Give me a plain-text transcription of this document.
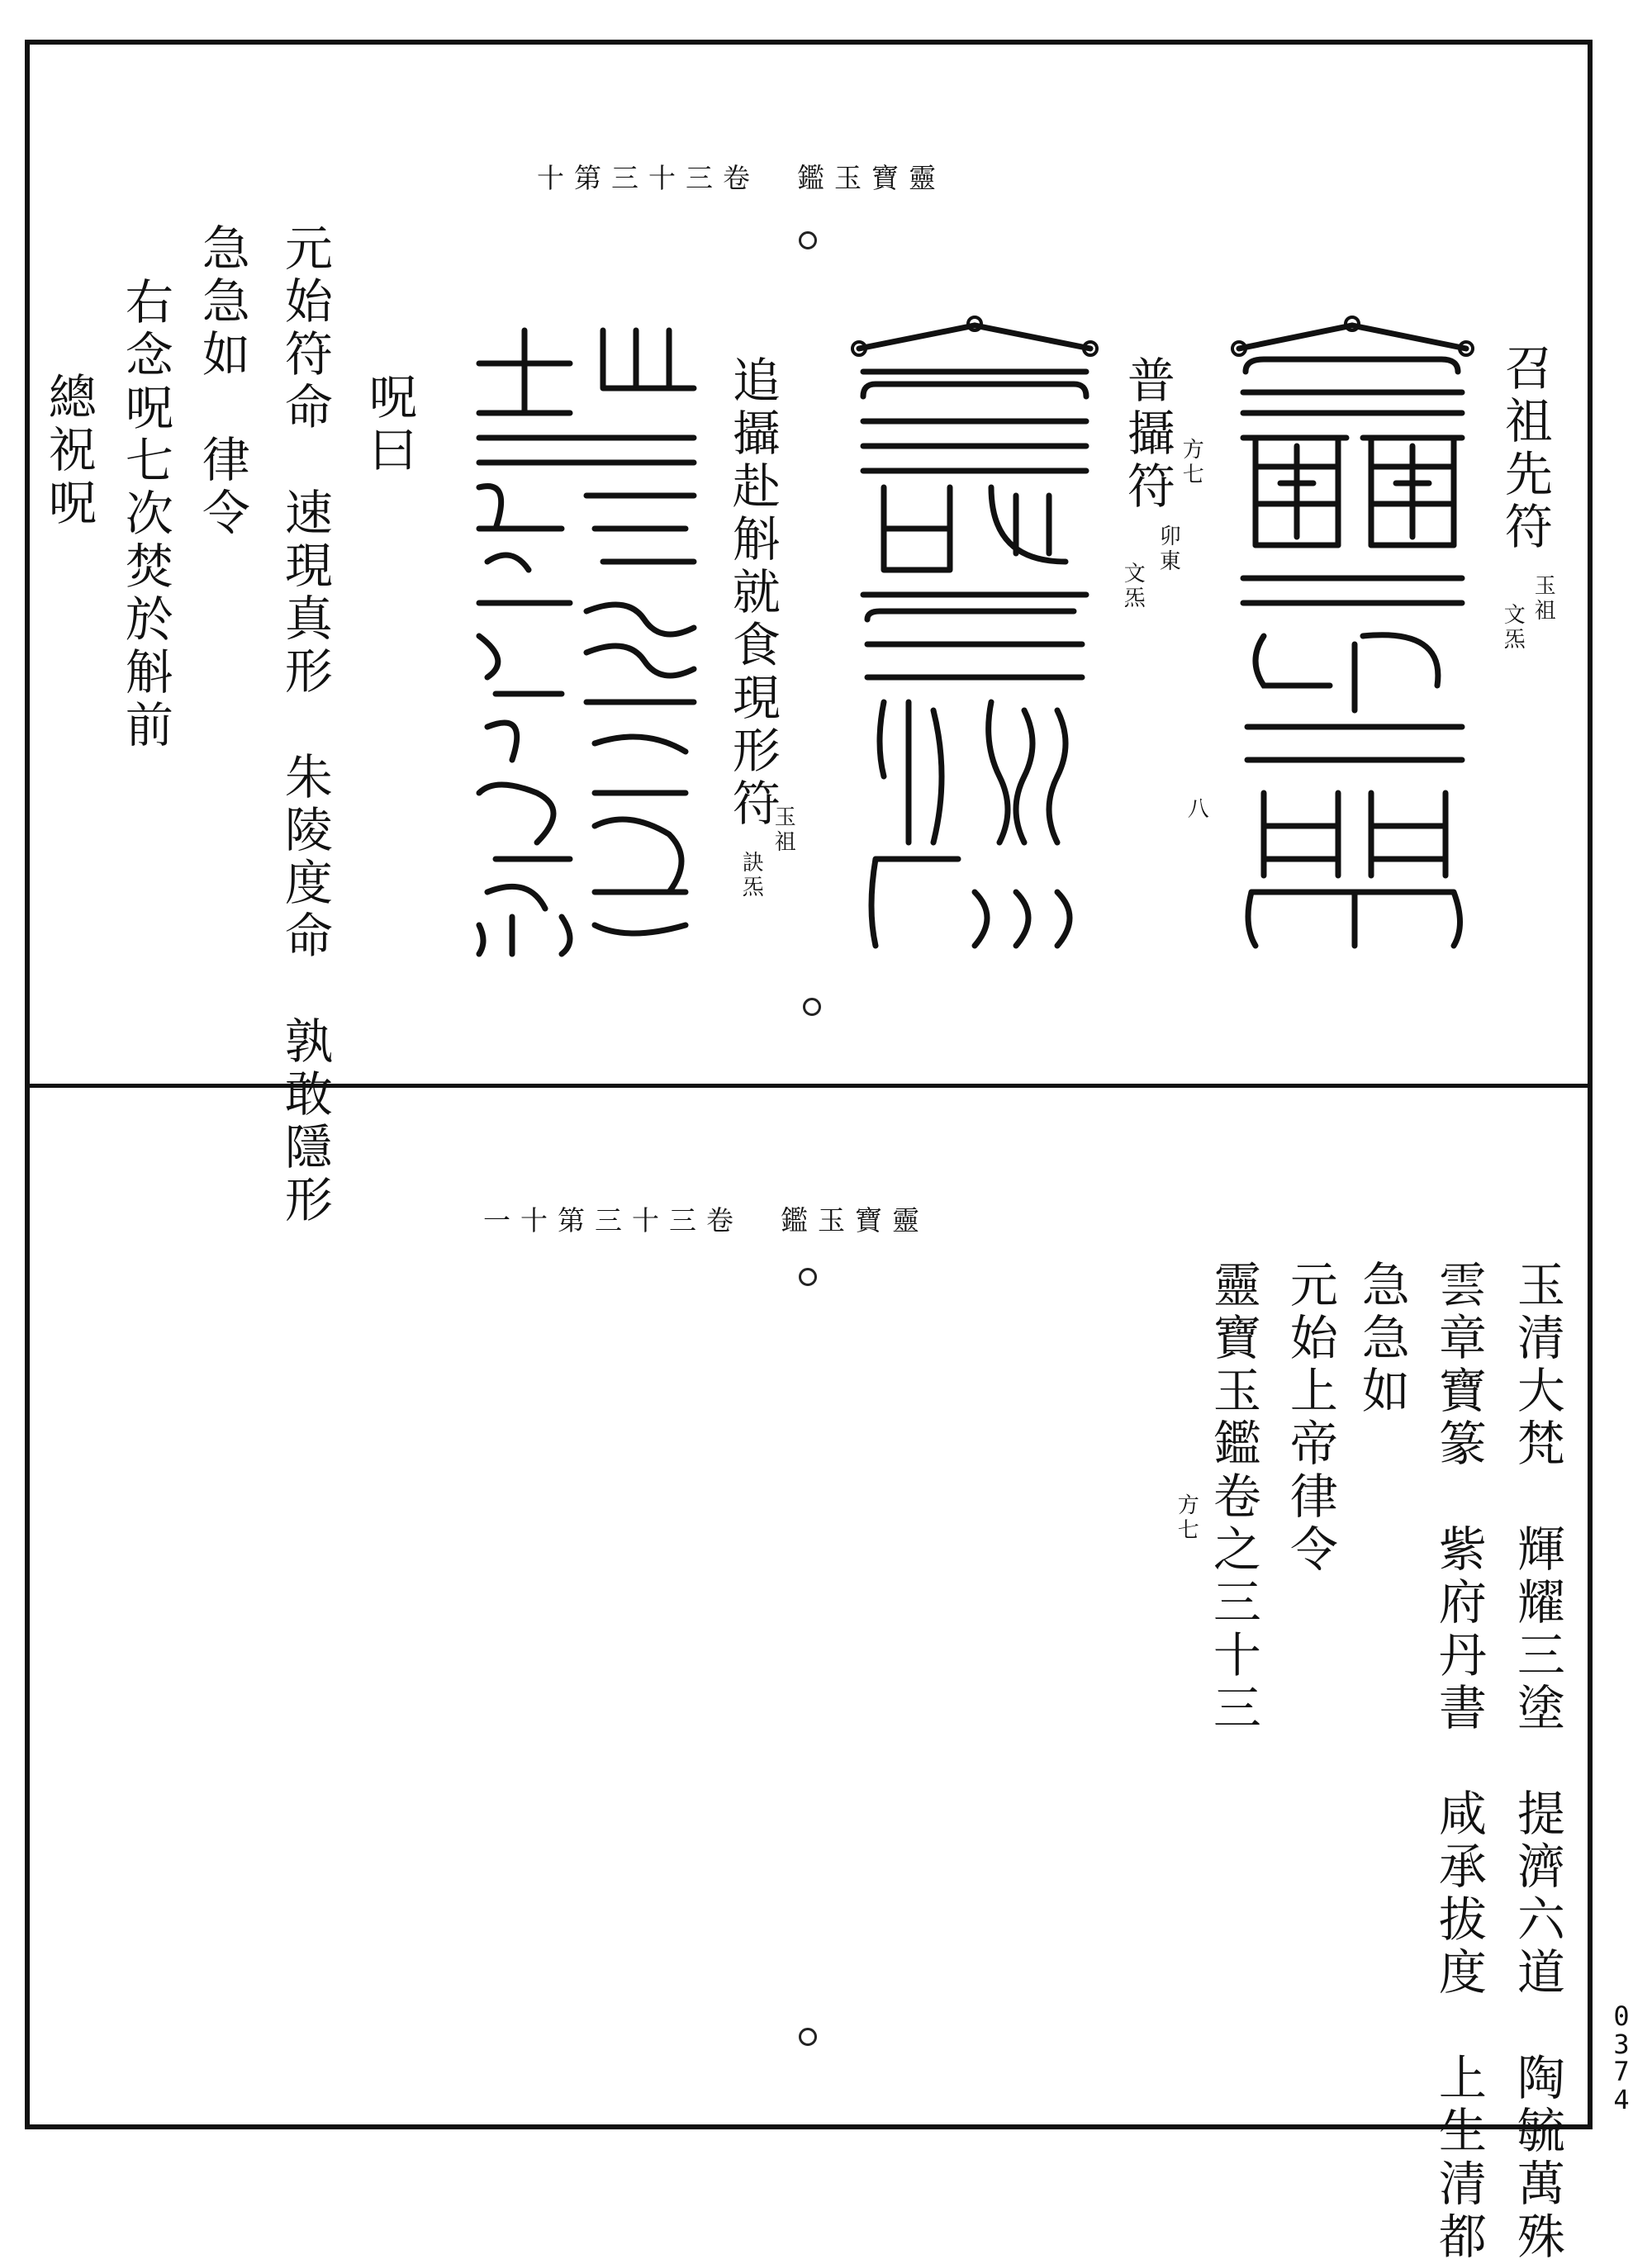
十第三十三卷　鑑玉寶靈
召祖先符
玉祖
文炁
普攝符 方七
卯東
文炁
追攝赴斛就食現形符
玉祖
訣炁
呪曰
元始符命　速現真形　朱陵度命　孰敢隱形
急急如　律令
右念呪七次焚於斛前
總祝呪
八
一十第三十三卷　鑑玉寶靈
玉清大梵　輝耀三塗　提濟六道　陶毓萬殊
雲章寶篆　紫府丹書　咸承拔度　上生清都
急急如
元始上帝律令
靈寶玉鑑卷之三十三
方七
0
3
7
4
